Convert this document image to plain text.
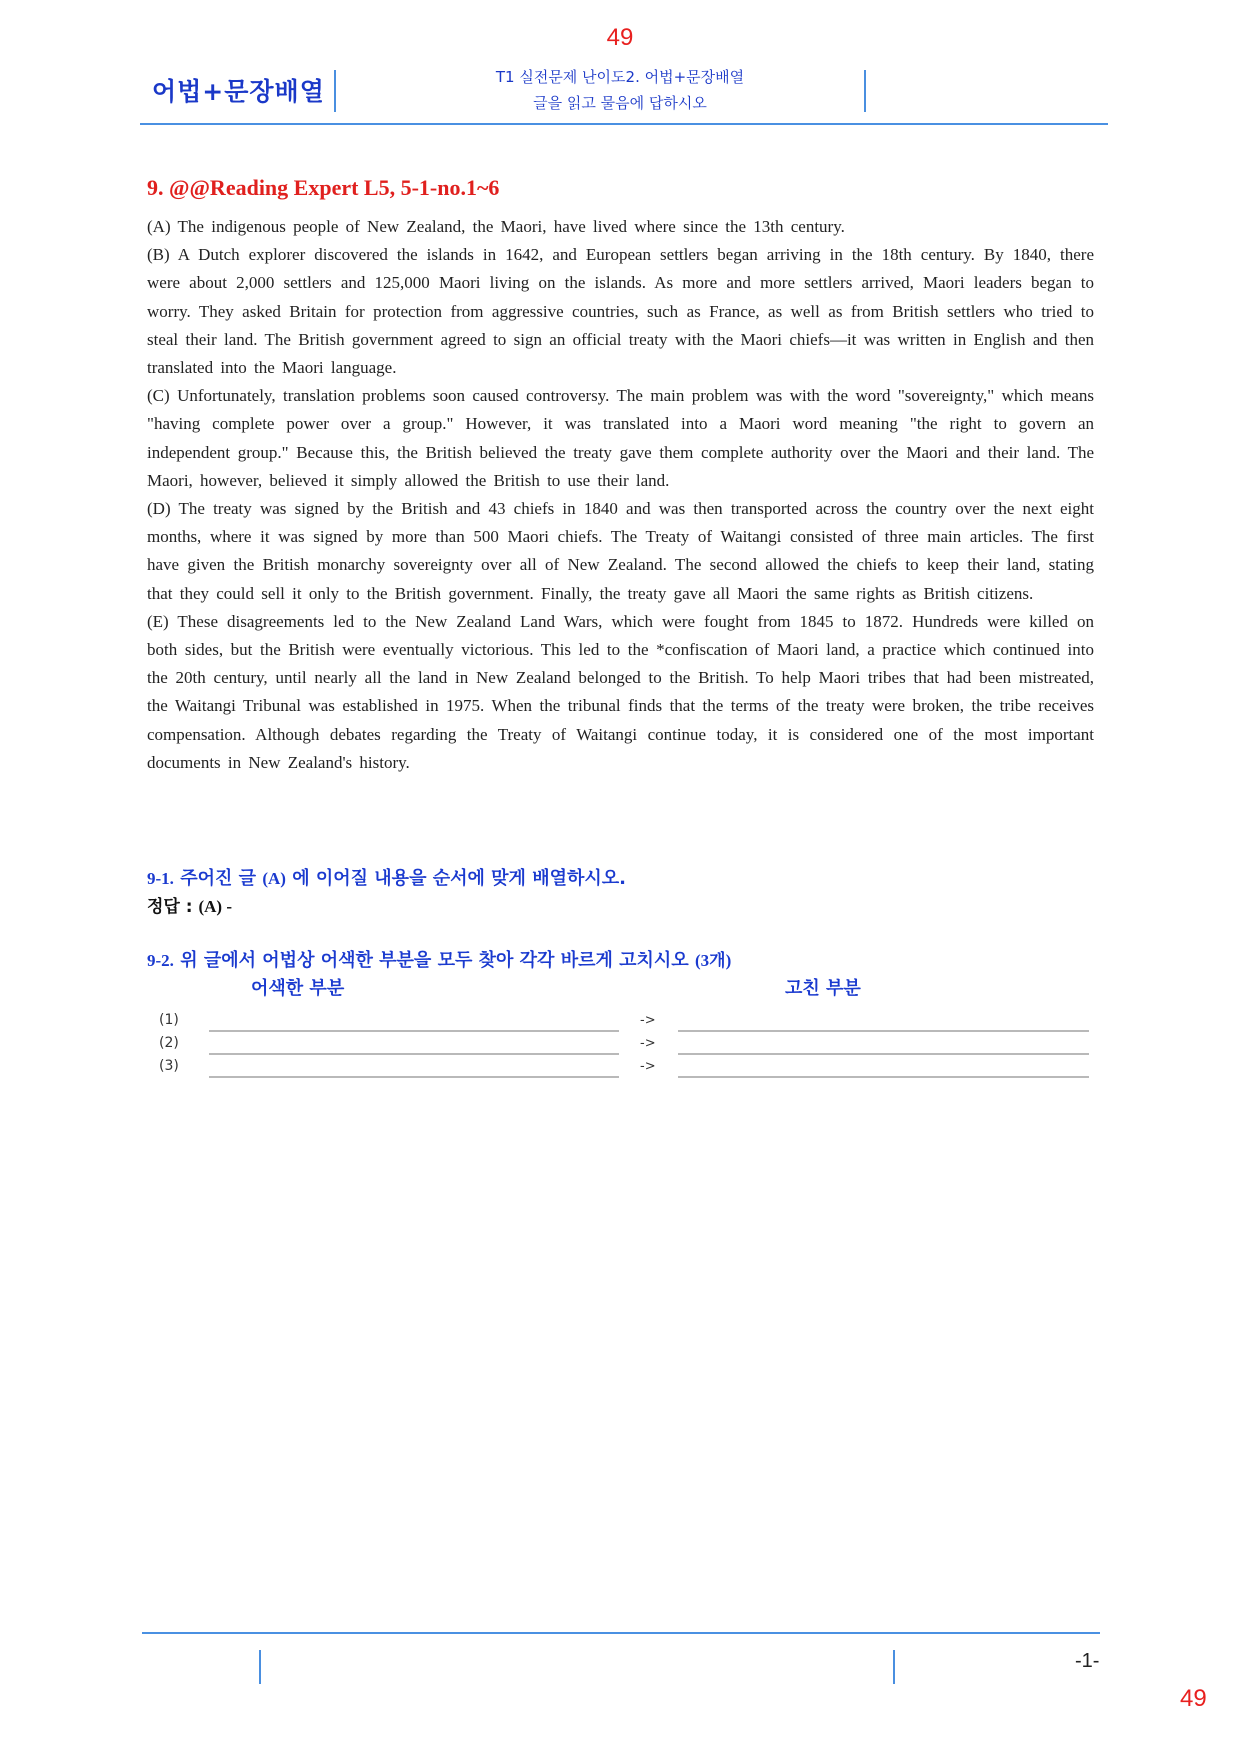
49
어법+문장배열	T1 실전문제 난이도2. 어법+문장배열
글을 읽고 물음에 답하시오
9. @@Reading Expert L5, 5-1-no.1~6

(A) The indigenous people of New Zealand, the Maori, have lived where since the 13th century.

(B) A Dutch explorer discovered the islands in 1642, and European settlers began arriving in the 18th century. By 1840, there were about 2,000 settlers and 125,000 Maori living on the islands. As more and more settlers arrived, Maori leaders began to worry. They asked Britain for protection from aggressive countries, such as France, as well as from British settlers who tried to steal their land. The British government agreed to sign an official treaty with the Maori chiefs—it was written in English and then translated into the Maori language.

(C) Unfortunately, translation problems soon caused controversy. The main problem was with the word "sovereignty," which means "having complete power over a group." However, it was translated into a Maori word meaning "the right to govern an independent group." Because this, the British believed the treaty gave them complete authority over the Maori and their land. The Maori, however, believed it simply allowed the British to use their land.

(D) The treaty was signed by the British and 43 chiefs in 1840 and was then transported across the country over the next eight months, where it was signed by more than 500 Maori chiefs. The Treaty of Waitangi consisted of three main articles. The first have given the British monarchy sovereignty over all of New Zealand. The second allowed the chiefs to keep their land, stating that they could sell it only to the British government. Finally, the treaty gave all Maori the same rights as British citizens.

(E) These disagreements led to the New Zealand Land Wars, which were fought from 1845 to 1872. Hundreds were killed on both sides, but the British were eventually victorious. This led to the *confiscation of Maori land, a practice which continued into the 20th century, until nearly all the land in New Zealand belonged to the British. To help Maori tribes that had been mistreated, the Waitangi Tribunal was established in 1975. When the tribunal finds that the terms of the treaty were broken, the tribe receives compensation. Although debates regarding the Treaty of Waitangi continue today, it is considered one of the most important documents in New Zealand's history.

9-1. 주어진 글 (A) 에 이어질 내용을 순서에 맞게 배열하시오.
정답 : (A) -
9-2. 위 글에서 어법상 어색한 부분을 모두 찾아 각각 바르게 고치시오 (3개)
어색한 부분	고친 부분
(1)	->
(2)	->
(3)	->
-1-
49
